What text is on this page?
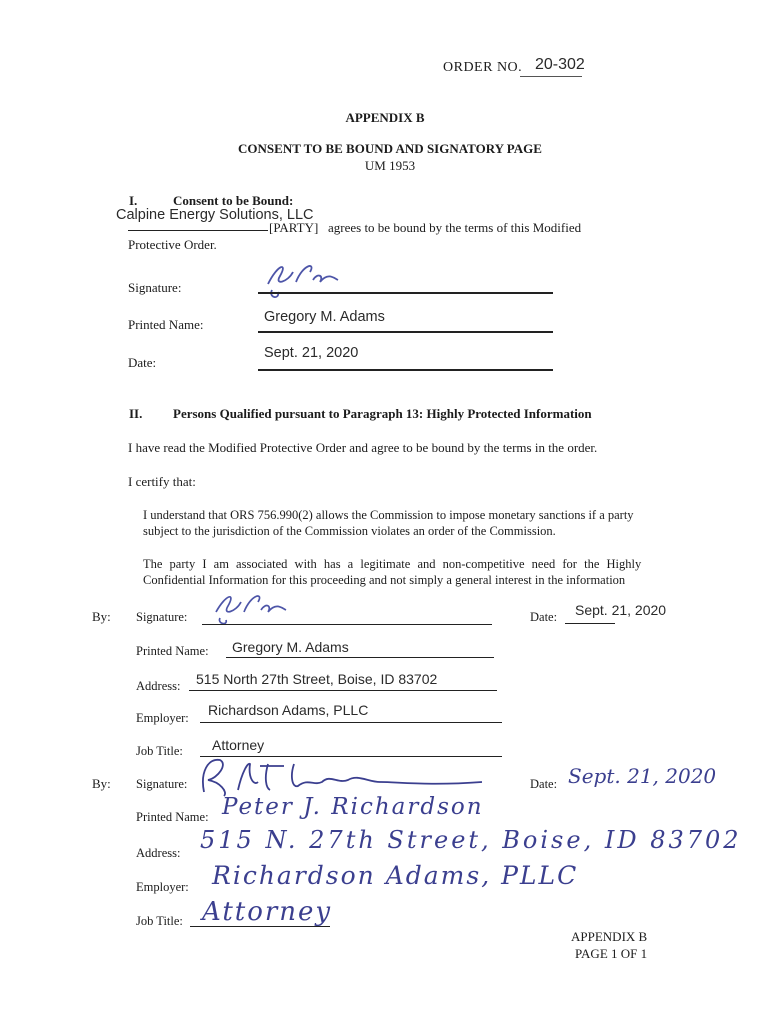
ORDER NO. 20-302
APPENDIX B
CONSENT TO BE BOUND AND SIGNATORY PAGE
UM 1953
I.	Consent to be Bound:
Calpine Energy Solutions, LLC
[PARTY] agrees to be bound by the terms of this Modified
Protective Order.
Signature:
Printed Name:	Gregory M. Adams
Date:
Sept. 21, 2020
II. Persons Qualified pursuant to Paragraph 13: Highly Protected Information
I have read the Modified Protective Order and agree to be bound by the terms in the order.
I certify that:
I understand that ORS 756.990(2) allows the Commission to impose monetary sanctions if a party
subject to the jurisdiction of the Commission violates an order of the Commission.
The party I am associated with has a legitimate and non-competitive need for the Highly
Confidential Information for this proceeding and not simply a general interest in the information
By: Signature:	Date: Sept. 21, 2020
Printed Name: Gregory M. Adams
Address: 515 North 27th Street, Boise, ID 83702
Employer: Richardson Adams, PLLC
Job Title: Attorney
By: Signature:	Date: Sept. 21, 2020
Printed Name: Peter J. Richardson
Address: 515 N. 27th Street, Boise, ID 83702
Employer: Richardson Adams, PLLC
Job Title: Attorney
APPENDIX B
PAGE 1 OF 1
